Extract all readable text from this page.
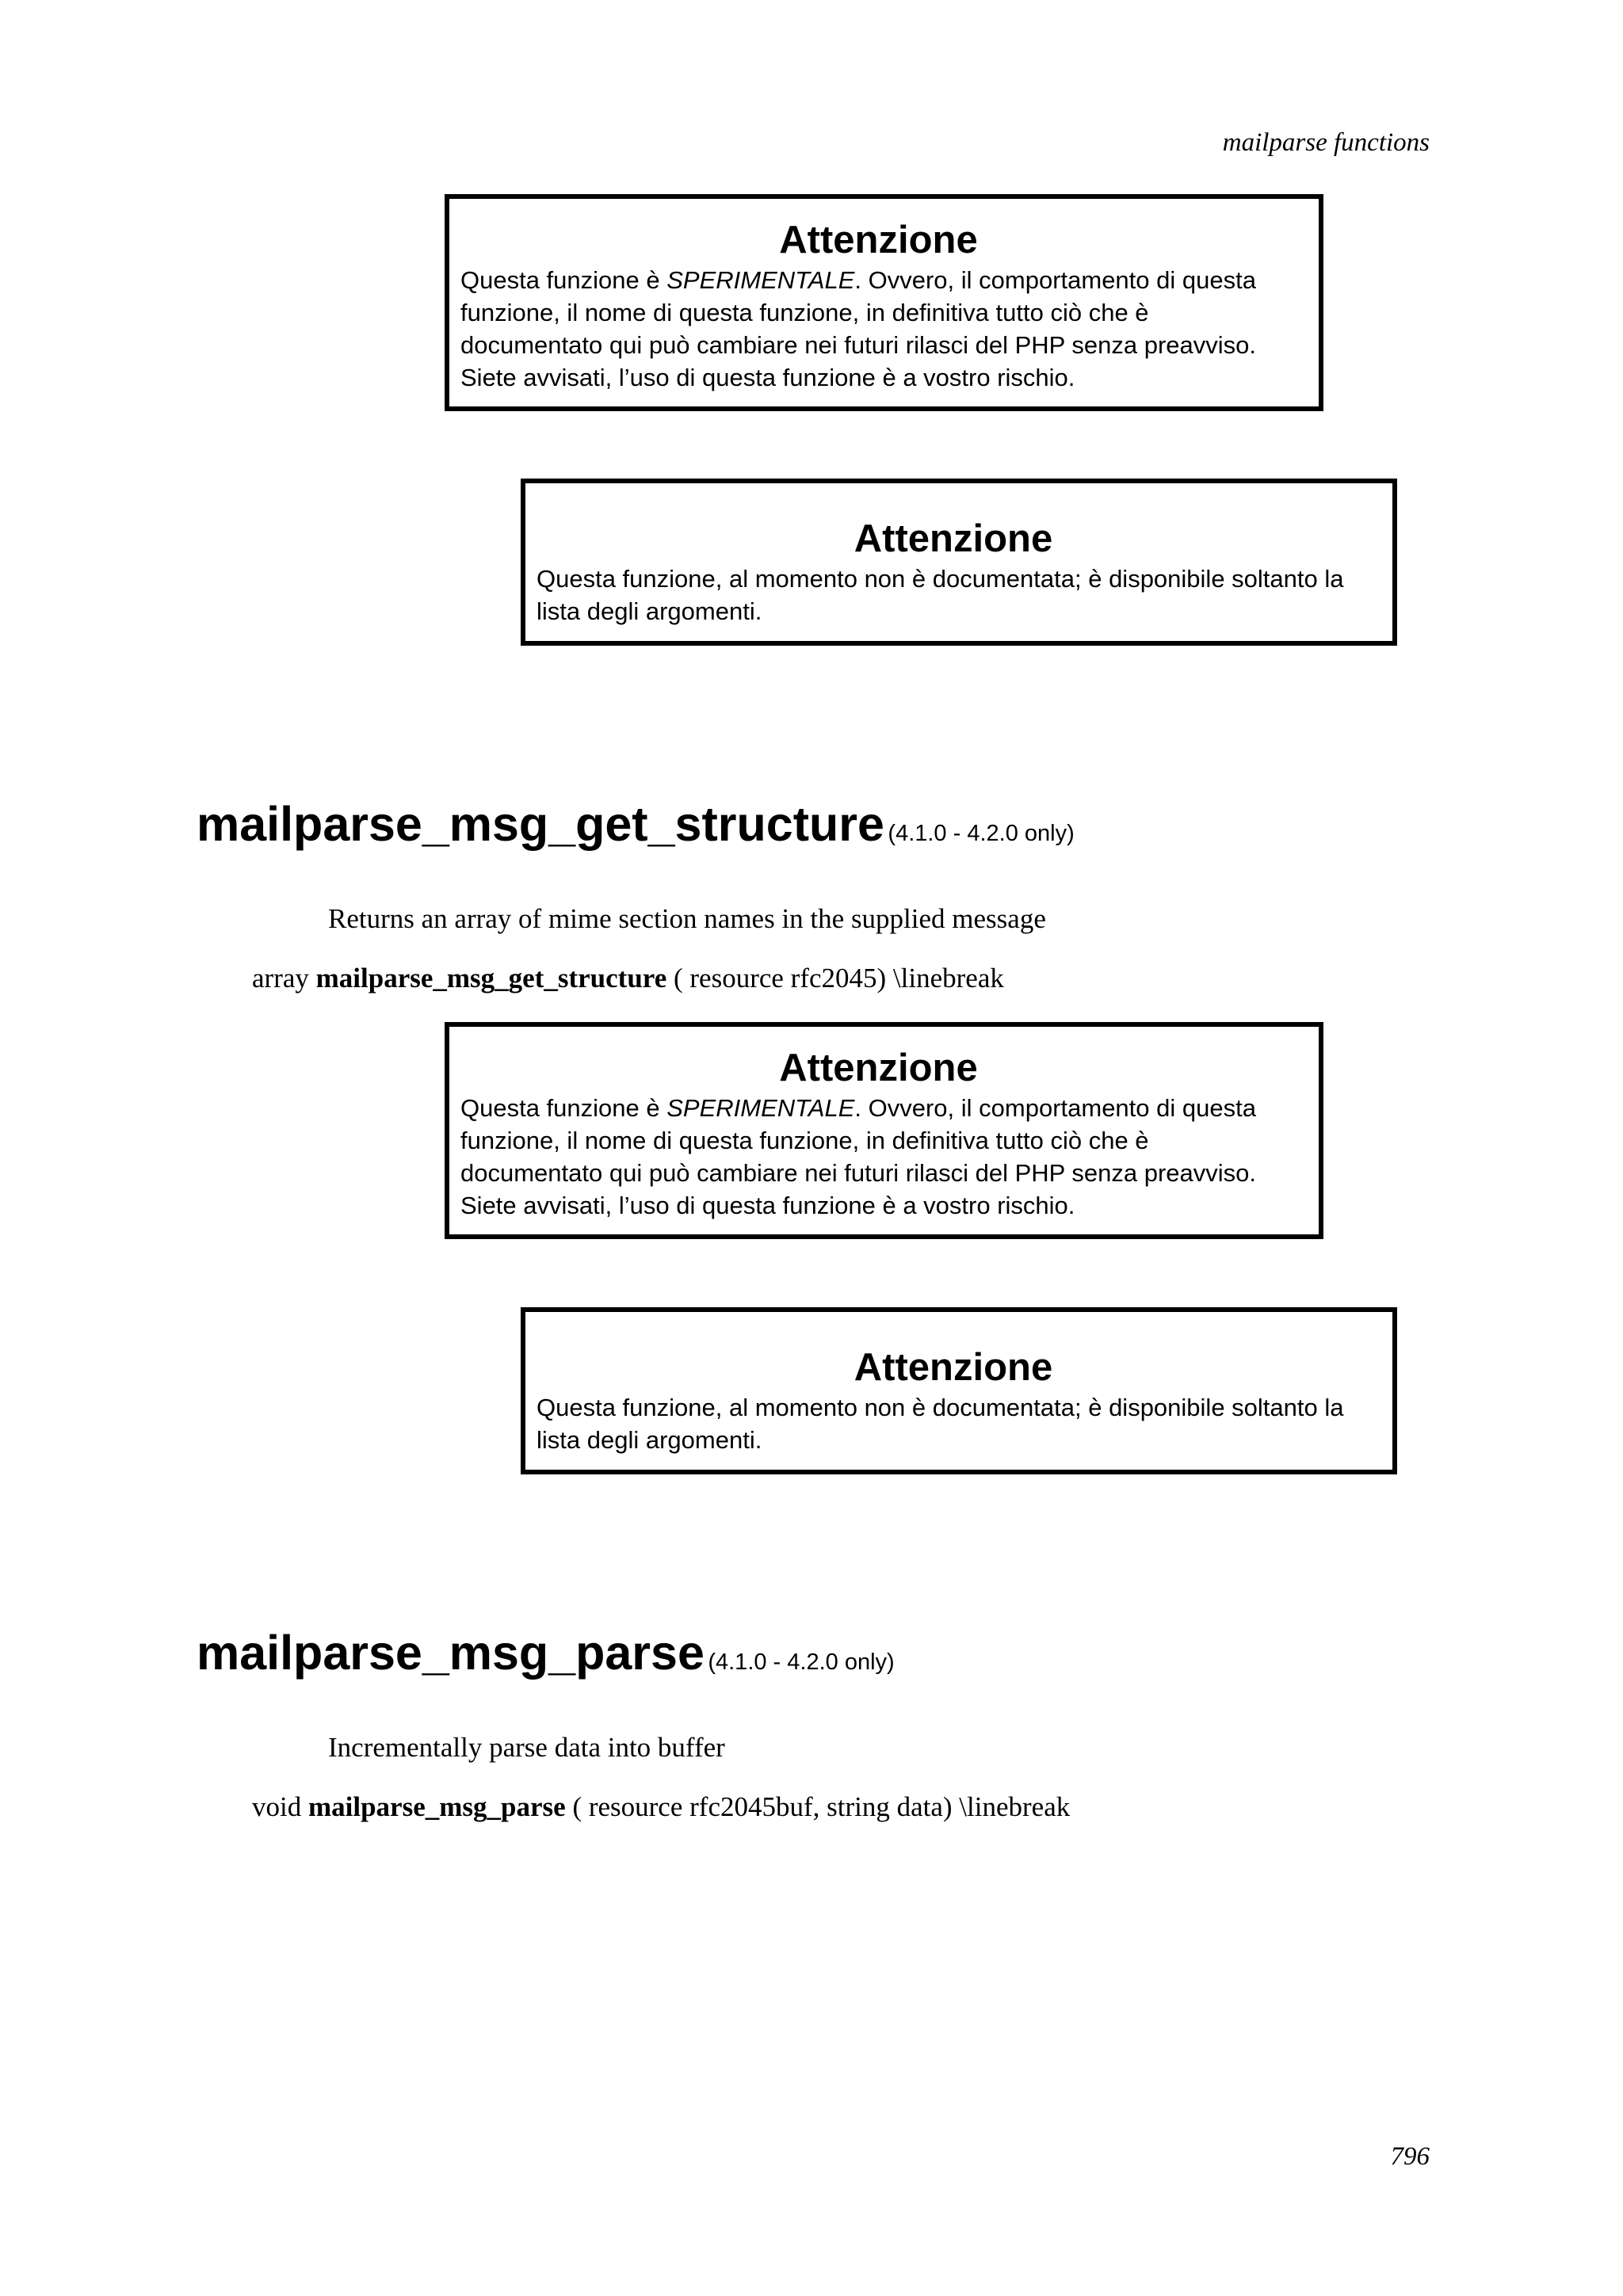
mailparse functions

Attenzione

Questa funzione è SPERIMENTALE. Ovvero, il comportamento di questa funzione, il nome di questa funzione, in definitiva tutto ciò che è documentato qui può cambiare nei futuri rilasci del PHP senza preavviso. Siete avvisati, l’uso di questa funzione è a vostro rischio.

Attenzione

Questa funzione, al momento non è documentata; è disponibile soltanto la lista degli argomenti.

mailparse_msg_get_structure (4.1.0 - 4.2.0 only)
Returns an array of mime section names in the supplied message
array mailparse_msg_get_structure ( resource rfc2045) \linebreak

Attenzione

Questa funzione è SPERIMENTALE. Ovvero, il comportamento di questa funzione, il nome di questa funzione, in definitiva tutto ciò che è documentato qui può cambiare nei futuri rilasci del PHP senza preavviso. Siete avvisati, l’uso di questa funzione è a vostro rischio.

Attenzione

Questa funzione, al momento non è documentata; è disponibile soltanto la lista degli argomenti.

mailparse_msg_parse (4.1.0 - 4.2.0 only)
Incrementally parse data into buffer
void mailparse_msg_parse ( resource rfc2045buf, string data) \linebreak
796
